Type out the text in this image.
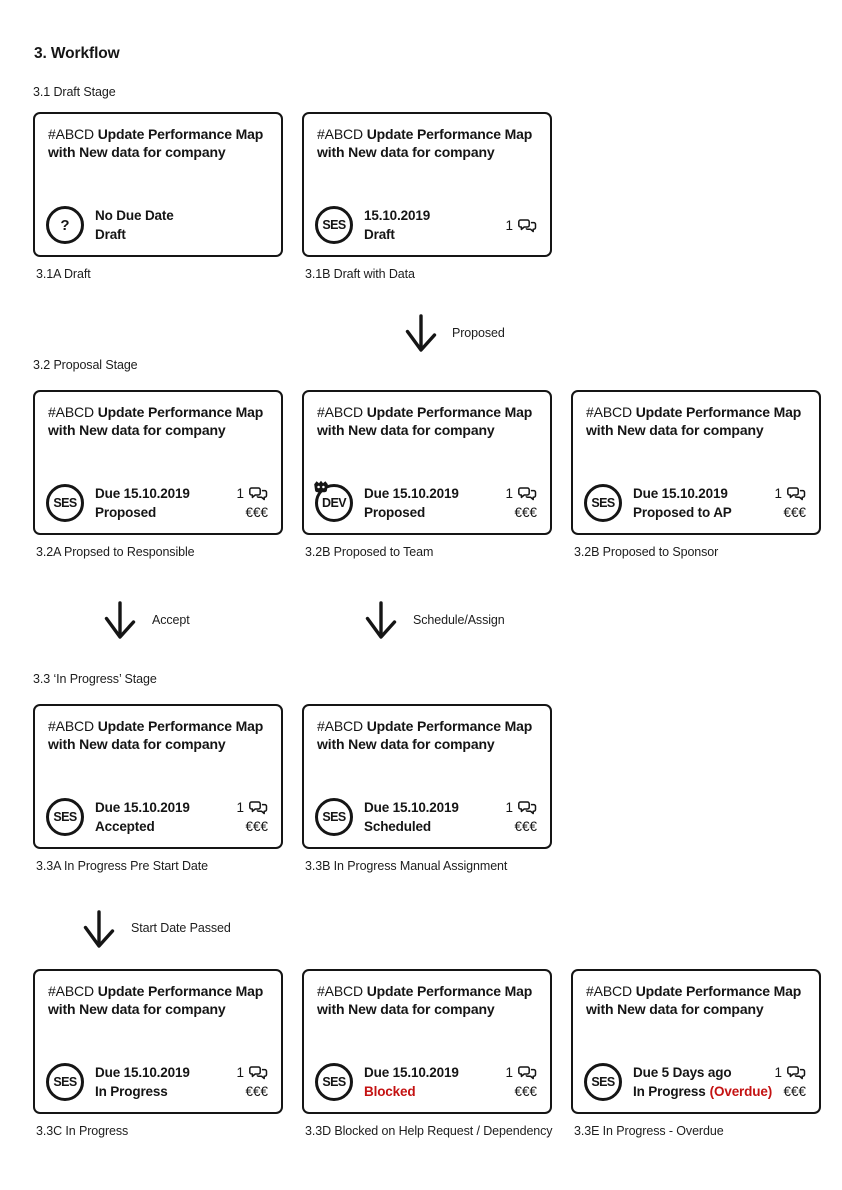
3. Workflow
3.1 Draft Stage
#ABCD Update Performance Map with New data for company
?
No Due Date
Draft
3.1A Draft
#ABCD Update Performance Map with New data for company
SES
15.10.2019
Draft
1
3.1B Draft with Data
Proposed
3.2 Proposal Stage
#ABCD Update Performance Map with New data for company
SES
Due 15.10.2019
Proposed
1
€€€
3.2A Propsed to Responsible
#ABCD Update Performance Map with New data for company
DEV
Due 15.10.2019
Proposed
1
€€€
3.2B Proposed to Team
#ABCD Update Performance Map with New data for company
SES
Due 15.10.2019
Proposed to AP
1
€€€
3.2B Proposed to Sponsor
Accept	Schedule/Assign
3.3 ‘In Progress’ Stage
#ABCD Update Performance Map with New data for company
SES
Due 15.10.2019
Accepted
1
€€€
3.3A In Progress Pre Start Date
#ABCD Update Performance Map with New data for company
SES
Due 15.10.2019
Scheduled
1
€€€
3.3B In Progress Manual Assignment
Start Date Passed
#ABCD Update Performance Map with New data for company
SES
Due 15.10.2019
In Progress
1
€€€
3.3C In Progress
#ABCD Update Performance Map with New data for company
SES
Due 15.10.2019
Blocked
1
€€€
3.3D Blocked on Help Request / Dependency
#ABCD Update Performance Map with New data for company
SES
Due 5 Days ago
In Progress (Overdue)
1
€€€
3.3E In Progress - Overdue
